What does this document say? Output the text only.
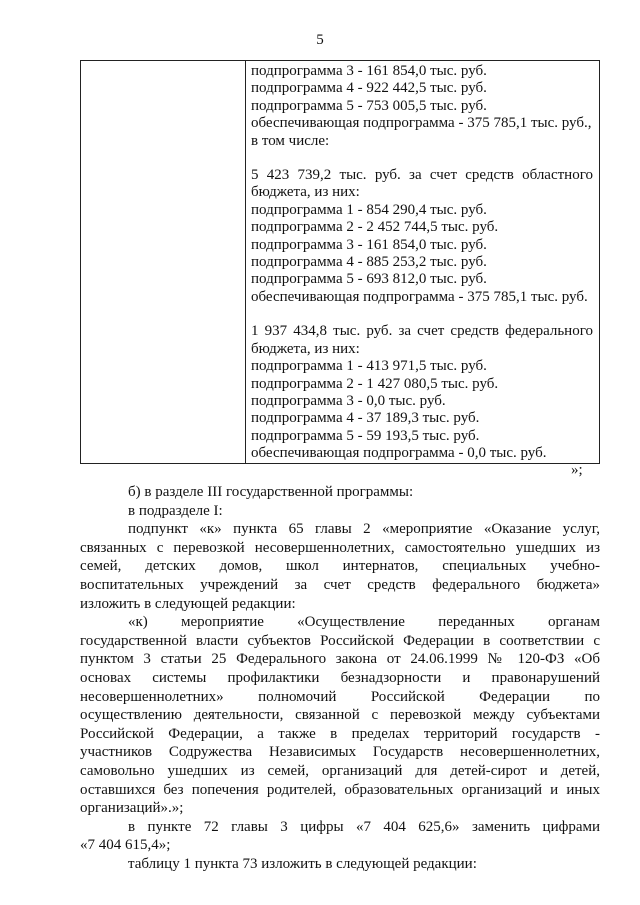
5
подпрограмма 3 - 161 854,0 тыс. руб.
подпрограмма 4 - 922 442,5 тыс. руб.
подпрограмма 5 - 753 005,5 тыс. руб.
обеспечивающая подпрограмма - 375 785,1 тыс. руб.,
в том числе:
5 423 739,2 тыс. руб. за счет средств областного
бюджета, из них:
подпрограмма 1 - 854 290,4 тыс. руб.
подпрограмма 2 - 2 452 744,5 тыс. руб.
подпрограмма 3 - 161 854,0 тыс. руб.
подпрограмма 4 - 885 253,2 тыс. руб.
подпрограмма 5 - 693 812,0 тыс. руб.
обеспечивающая подпрограмма - 375 785,1 тыс. руб.
1 937 434,8 тыс. руб. за счет средств федерального
бюджета, из них:
подпрограмма 1 - 413 971,5 тыс. руб.
подпрограмма 2 - 1 427 080,5 тыс. руб.
подпрограмма 3 - 0,0 тыс. руб.
подпрограмма 4 - 37 189,3 тыс. руб.
подпрограмма 5 - 59 193,5 тыс. руб.
обеспечивающая подпрограмма - 0,0 тыс. руб.
»;
б) в разделе III государственной программы:
в подразделе I:
подпункт «к» пункта 65 главы 2 «мероприятие «Оказание услуг,
связанных с перевозкой несовершеннолетних, самостоятельно ушедших из
семей, детских домов, школ интернатов, специальных учебно-
воспитательных учреждений за счет средств федерального бюджета»
изложить в следующей редакции:
«к) мероприятие «Осуществление переданных органам
государственной власти субъектов Российской Федерации в соответствии с
пунктом 3 статьи 25 Федерального закона от 24.06.1999 № 120-ФЗ «Об
основах системы профилактики безнадзорности и правонарушений
несовершеннолетних» полномочий Российской Федерации по
осуществлению деятельности, связанной с перевозкой между субъектами
Российской Федерации, а также в пределах территорий государств -
участников Содружества Независимых Государств несовершеннолетних,
самовольно ушедших из семей, организаций для детей-сирот и детей,
оставшихся без попечения родителей, образовательных организаций и иных
организаций».»;
в пункте 72 главы 3 цифры «7 404 625,6» заменить цифрами
«7 404 615,4»;
таблицу 1 пункта 73 изложить в следующей редакции:
